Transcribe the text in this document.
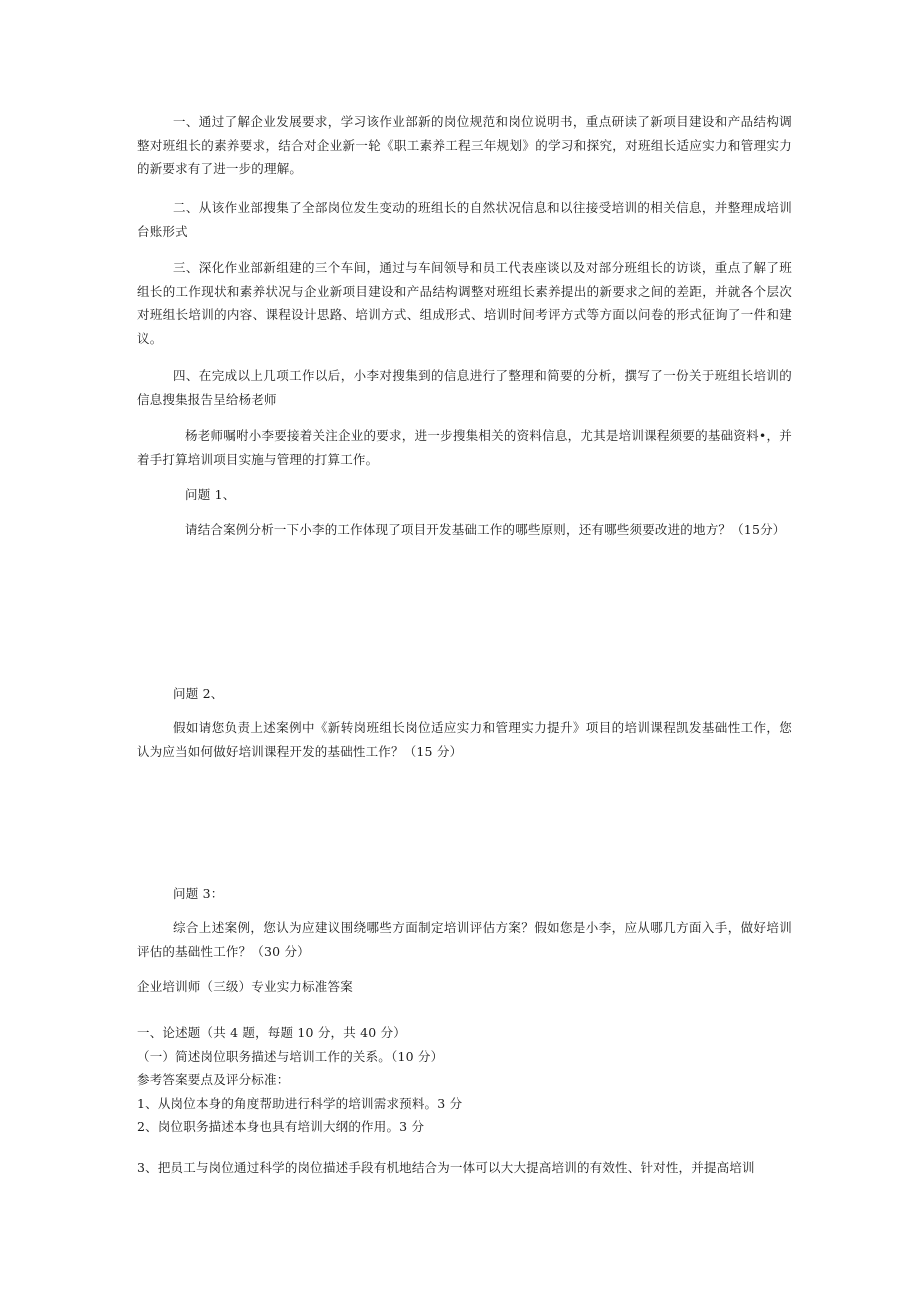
一、通过了解企业发展要求，学习该作业部新的岗位规范和岗位说明书，重点研读了新项目建设和产品结构调整对班组长的素养要求，结合对企业新一轮《职工素养工程三年规划》的学习和探究，对班组长适应实力和管理实力的新要求有了进一步的理解。

二、从该作业部搜集了全部岗位发生变动的班组长的自然状况信息和以往接受培训的相关信息，并整理成培训台账形式

三、深化作业部新组建的三个车间，通过与车间领导和员工代表座谈以及对部分班组长的访谈，重点了解了班组长的工作现状和素养状况与企业新项目建设和产品结构调整对班组长素养提出的新要求之间的差距，并就各个层次对班组长培训的内容、课程设计思路、培训方式、组成形式、培训时间考评方式等方面以问卷的形式征询了一件和建议。

四、在完成以上几项工作以后，小李对搜集到的信息进行了整理和简要的分析，撰写了一份关于班组长培训的信息搜集报告呈给杨老师

杨老师嘱咐小李要接着关注企业的要求，进一步搜集相关的资料信息，尤其是培训课程须要的基础资料•，并着手打算培训项目实施与管理的打算工作。

问题 1、

请结合案例分析一下小李的工作体现了项目开发基础工作的哪些原则，还有哪些须要改进的地方？（15分）

问题 2、

假如请您负责上述案例中《新转岗班组长岗位适应实力和管理实力提升》项目的培训课程凯发基础性工作，您认为应当如何做好培训课程开发的基础性工作？（15 分）

问题 3：

综合上述案例，您认为应建议围绕哪些方面制定培训评估方案？假如您是小李，应从哪几方面入手，做好培训评估的基础性工作？（30 分）

企业培训师（三级）专业实力标准答案

一、论述题（共 4 题，每题 10 分，共 40 分）
（一）简述岗位职务描述与培训工作的关系。（10 分）
参考答案要点及评分标准：
1、从岗位本身的角度帮助进行科学的培训需求预料。3 分
2、岗位职务描述本身也具有培训大纲的作用。3 分

3、把员工与岗位通过科学的岗位描述手段有机地结合为一体可以大大提高培训的有效性、针对性，并提高培训
